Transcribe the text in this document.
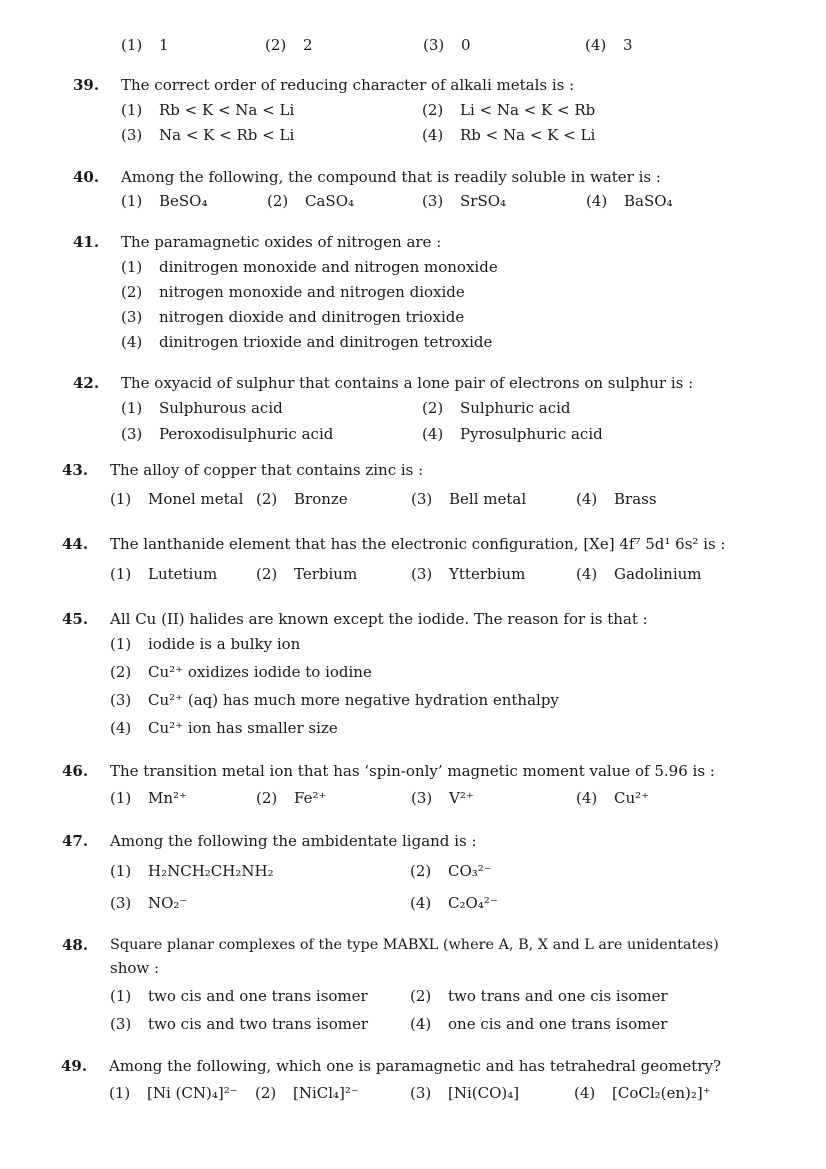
(1) 1	(2) 2	(3) 0	(4) 3
39. The correct order of reducing character of alkali metals is :
(1) Rb < K < Na < Li	(2) Li < Na < K < Rb
(3) Na < K < Rb < Li	(4) Rb < Na < K < Li
40. Among the following, the compound that is readily soluble in water is :
(1) BeSO₄	(2) CaSO₄	(3) SrSO₄	(4) BaSO₄
41. The paramagnetic oxides of nitrogen are :
(1) dinitrogen monoxide and nitrogen monoxide
(2) nitrogen monoxide and nitrogen dioxide
(3) nitrogen dioxide and dinitrogen trioxide
(4) dinitrogen trioxide and dinitrogen tetroxide
42. The oxyacid of sulphur that contains a lone pair of electrons on sulphur is :
(1) Sulphurous acid	(2) Sulphuric acid
(3) Peroxodisulphuric acid	(4) Pyrosulphuric acid
43. The alloy of copper that contains zinc is :
(1) Monel metal (2) Bronze	(3) Bell metal	(4) Brass
44. The lanthanide element that has the electronic configuration, [Xe] 4f⁷ 5d¹ 6s² is :
(1) Lutetium	(2) Terbium	(3) Ytterbium	(4) Gadolinium
45. All Cu (II) halides are known except the iodide. The reason for is that :
(1) iodide is a bulky ion
(2) Cu²⁺ oxidizes iodide to iodine
(3) Cu²⁺ (aq) has much more negative hydration enthalpy
(4) Cu²⁺ ion has smaller size
46. The transition metal ion that has ‘spin-only’ magnetic moment value of 5.96 is :
(1) Mn²⁺	(2) Fe²⁺	(3) V²⁺	(4) Cu²⁺
47. Among the following the ambidentate ligand is :
(1) H₂NCH₂CH₂NH₂	(2) CO₃²⁻
(3) NO₂⁻	(4) C₂O₄²⁻
48. Square planar complexes of the type MABXL (where A, B, X and L are unidentates)
show :
(1) two cis and one trans isomer	(2) two trans and one cis isomer
(3) two cis and two trans isomer	(4) one cis and one trans isomer
49. Among the following, which one is paramagnetic and has tetrahedral geometry?
(1) [Ni (CN)₄]²⁻ (2) [NiCl₄]²⁻	(3) [Ni(CO)₄]	(4) [CoCl₂(en)₂]⁺
